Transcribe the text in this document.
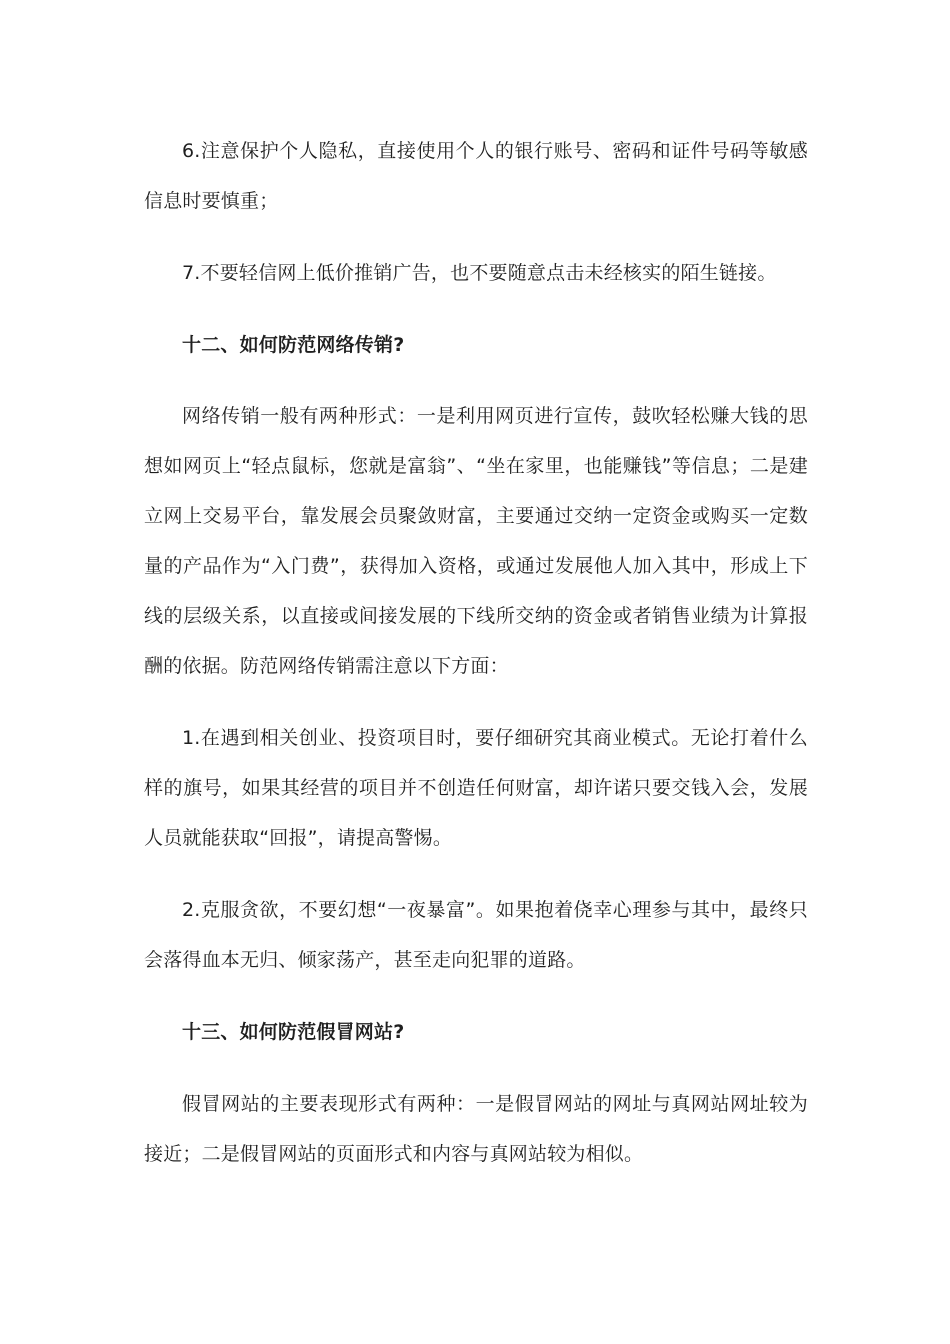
6.注意保护个人隐私，直接使用个人的银行账号、密码和证件号码等敏感信息时要慎重；

7.不要轻信网上低价推销广告，也不要随意点击未经核实的陌生链接。

十二、如何防范网络传销?

网络传销一般有两种形式：一是利用网页进行宣传，鼓吹轻松赚大钱的思想如网页上“轻点鼠标，您就是富翁”、“坐在家里，也能赚钱”等信息；二是建立网上交易平台，靠发展会员聚敛财富，主要通过交纳一定资金或购买一定数量的产品作为“入门费”，获得加入资格，或通过发展他人加入其中，形成上下线的层级关系，以直接或间接发展的下线所交纳的资金或者销售业绩为计算报酬的依据。防范网络传销需注意以下方面：

1.在遇到相关创业、投资项目时，要仔细研究其商业模式。无论打着什么样的旗号，如果其经营的项目并不创造任何财富，却许诺只要交钱入会，发展人员就能获取“回报”，请提高警惕。

2.克服贪欲，不要幻想“一夜暴富”。如果抱着侥幸心理参与其中，最终只会落得血本无归、倾家荡产，甚至走向犯罪的道路。

十三、如何防范假冒网站?

假冒网站的主要表现形式有两种：一是假冒网站的网址与真网站网址较为接近；二是假冒网站的页面形式和内容与真网站较为相似。
